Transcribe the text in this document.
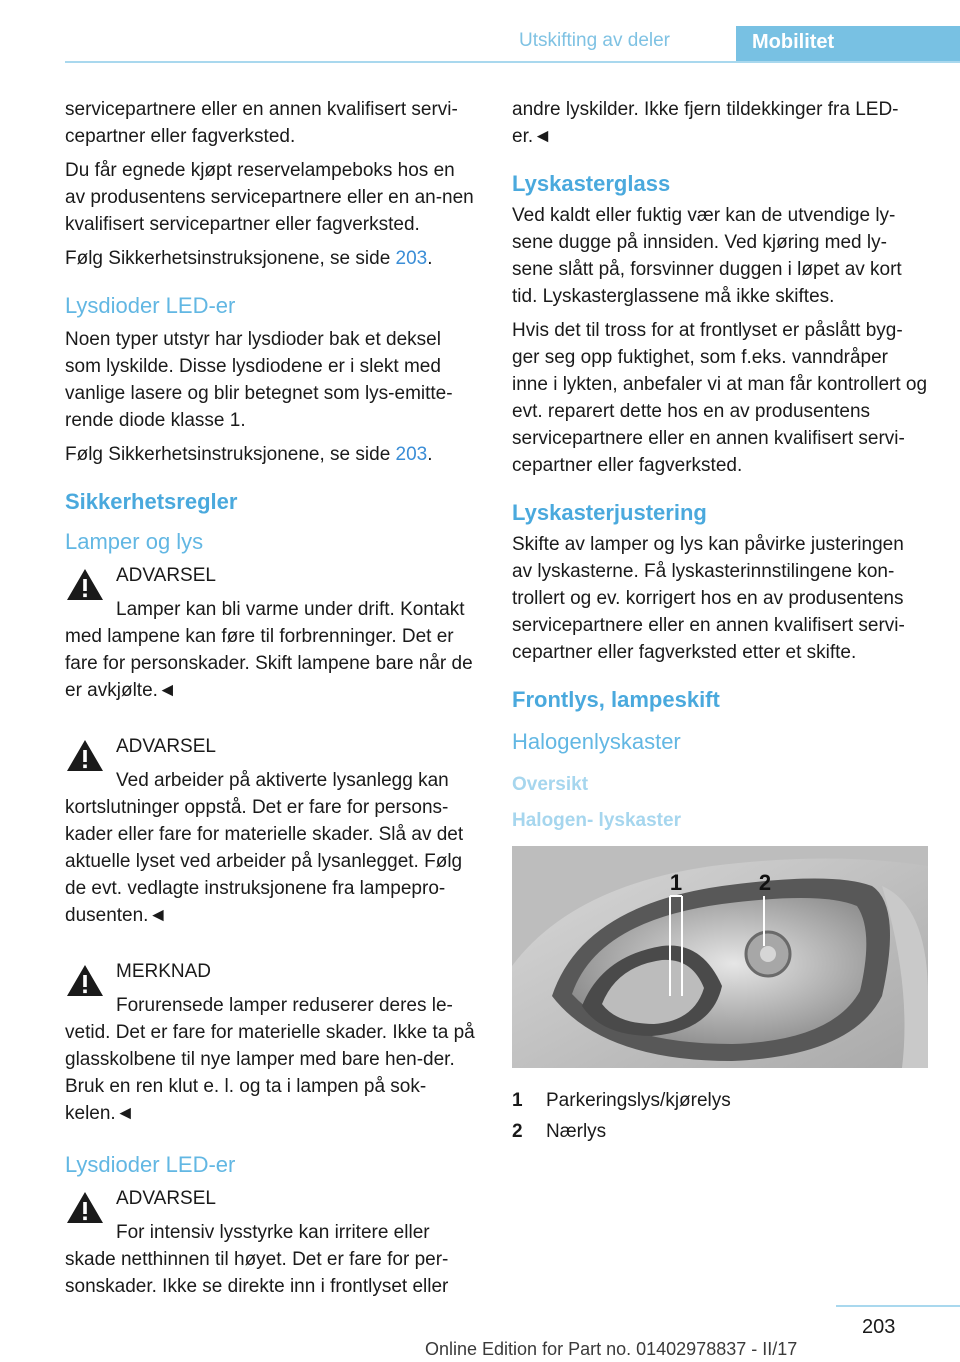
Utskifting av deler	Mobilitet

servicepartnere eller en annen kvalifisert servi-cepartner eller fagverksted.

Du får egnede kjøpt reservelampeboks hos en av produsentens servicepartnere eller en an-nen kvalifisert servicepartner eller fagverksted.

Følg Sikkerhetsinstruksjonene, se side 203.

Lysdioder LED-er

Noen typer utstyr har lysdioder bak et deksel som lyskilde. Disse lysdiodene er i slekt med vanlige lasere og blir betegnet som lys-emitte-rende diode klasse 1.

Følg Sikkerhetsinstruksjonene, se side 203.

Sikkerhetsregler
Lamper og lys
ADVARSEL

Lamper kan bli varme under drift. Kontakt med lampene kan føre til forbrenninger. Det er fare for personskader. Skift lampene bare når de er avkjølte.◄

ADVARSEL

Ved arbeider på aktiverte lysanlegg kan kortslutninger oppstå. Det er fare for persons-kader eller fare for materielle skader. Slå av det aktuelle lyset ved arbeider på lysanlegget. Følg de evt. vedlagte instruksjonene fra lampepro-dusenten.◄

MERKNAD

Forurensede lamper reduserer deres le-vetid. Det er fare for materielle skader. Ikke ta på glasskolbene til nye lamper med bare hen-der. Bruk en ren klut e. l. og ta i lampen på sok-kelen.◄

Lysdioder LED-er
ADVARSEL

For intensiv lysstyrke kan irritere eller skade netthinnen til høyet. Det er fare for per-sonskader. Ikke se direkte inn i frontlyset eller

andre lyskilder. Ikke fjern tildekkinger fra LED-er.◄

Lyskasterglass

Ved kaldt eller fuktig vær kan de utvendige ly-sene dugge på innsiden. Ved kjøring med ly-sene slått på, forsvinner duggen i løpet av kort tid. Lyskasterglassene må ikke skiftes.

Hvis det til tross for at frontlyset er påslått byg-ger seg opp fuktighet, som f.eks. vanndråper inne i lykten, anbefaler vi at man får kontrollert og evt. reparert dette hos en av produsentens servicepartnere eller en annen kvalifisert servi-cepartner eller fagverksted.

Lyskasterjustering

Skifte av lamper og lys kan påvirke justeringen av lyskasterne. Få lyskasterinnstilingene kon-trollert og ev. korrigert hos en av produsentens servicepartnere eller en annen kvalifisert servi-cepartner eller fagverksted etter et skifte.

Frontlys, lampeskift
Halogenlyskaster
Oversikt
Halogen- lyskaster
1	2
1	Parkeringslys/kjørelys
2	Nærlys
203
Online Edition for Part no. 01402978837 - II/17
